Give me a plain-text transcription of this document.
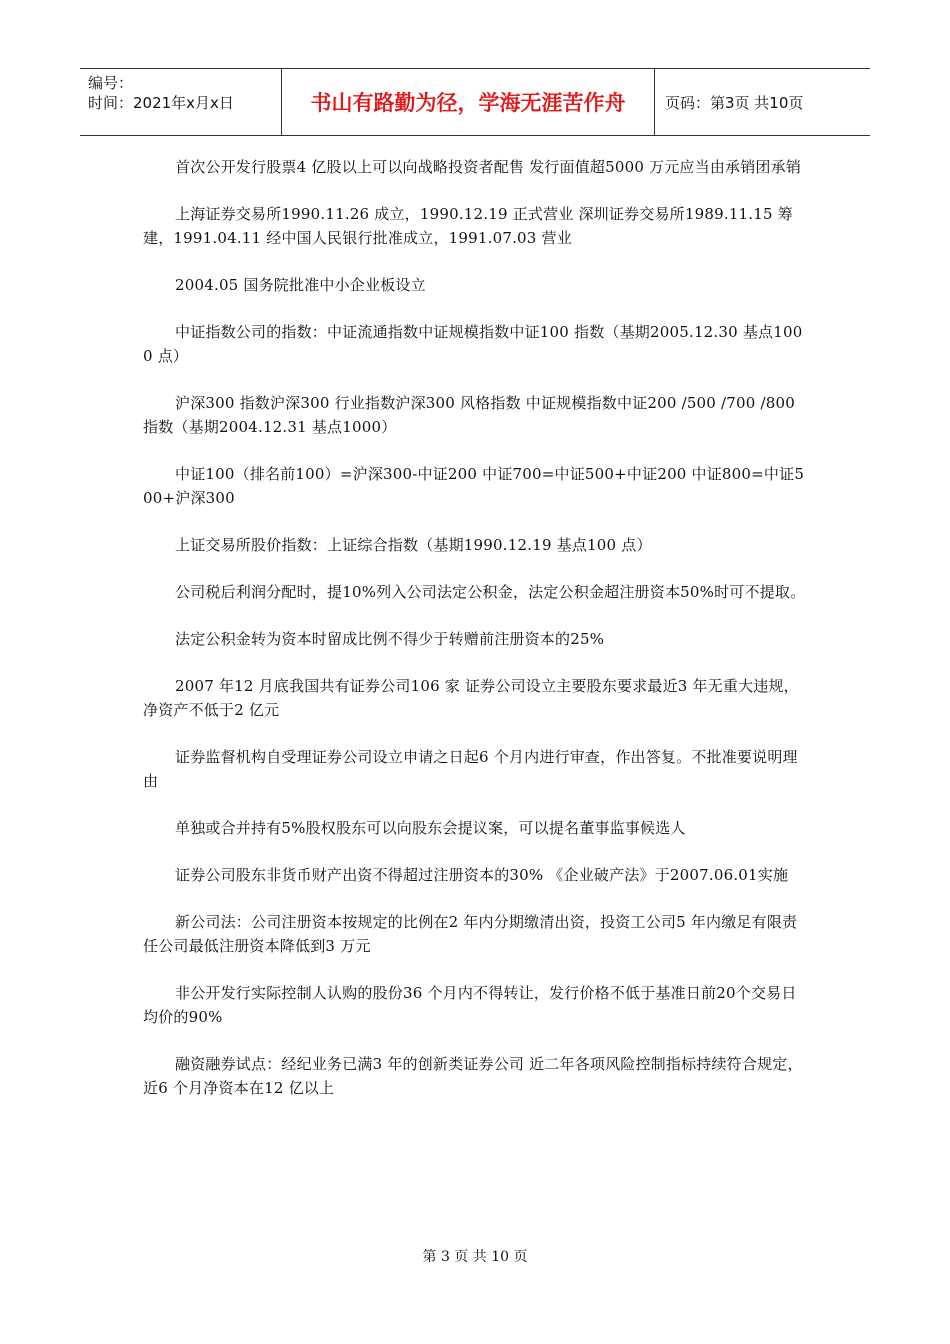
编号：
时间：2021年x月x日	书山有路勤为径，学海无涯苦作舟	页码：第3页 共10页

首次公开发行股票4 亿股以上可以向战略投资者配售 发行面值超5000 万元应当由承销团承销

上海证券交易所1990.11.26 成立，1990.12.19 正式营业 深圳证券交易所1989.11.15 筹建，1991.04.11 经中国人民银行批准成立，1991.07.03 营业

2004.05 国务院批准中小企业板设立

中证指数公司的指数：中证流通指数中证规模指数中证100 指数（基期2005.12.30 基点1000 点）

沪深300 指数沪深300 行业指数沪深300 风格指数 中证规模指数中证200 /500 /700 /800 指数（基期2004.12.31 基点1000）

中证100（排名前100）=沪深300-中证200 中证700=中证500+中证200 中证800=中证500+沪深300

上证交易所股价指数：上证综合指数（基期1990.12.19 基点100 点）

公司税后利润分配时，提10%列入公司法定公积金，法定公积金超注册资本50%时可不提取。

法定公积金转为资本时留成比例不得少于转赠前注册资本的25%

2007 年12 月底我国共有证券公司106 家 证券公司设立主要股东要求最近3 年无重大违规，净资产不低于2 亿元

证券监督机构自受理证券公司设立申请之日起6 个月内进行审查，作出答复。不批准要说明理由

单独或合并持有5%股权股东可以向股东会提议案，可以提名董事监事候选人

证券公司股东非货币财产出资不得超过注册资本的30% 《企业破产法》于2007.06.01实施

新公司法：公司注册资本按规定的比例在2 年内分期缴清出资，投资工公司5 年内缴足有限责任公司最低注册资本降低到3 万元

非公开发行实际控制人认购的股份36 个月内不得转让，发行价格不低于基准日前20个交易日均价的90%

融资融券试点：经纪业务已满3 年的创新类证券公司 近二年各项风险控制指标持续符合规定，近6 个月净资本在12 亿以上

第 3 页 共 10 页
